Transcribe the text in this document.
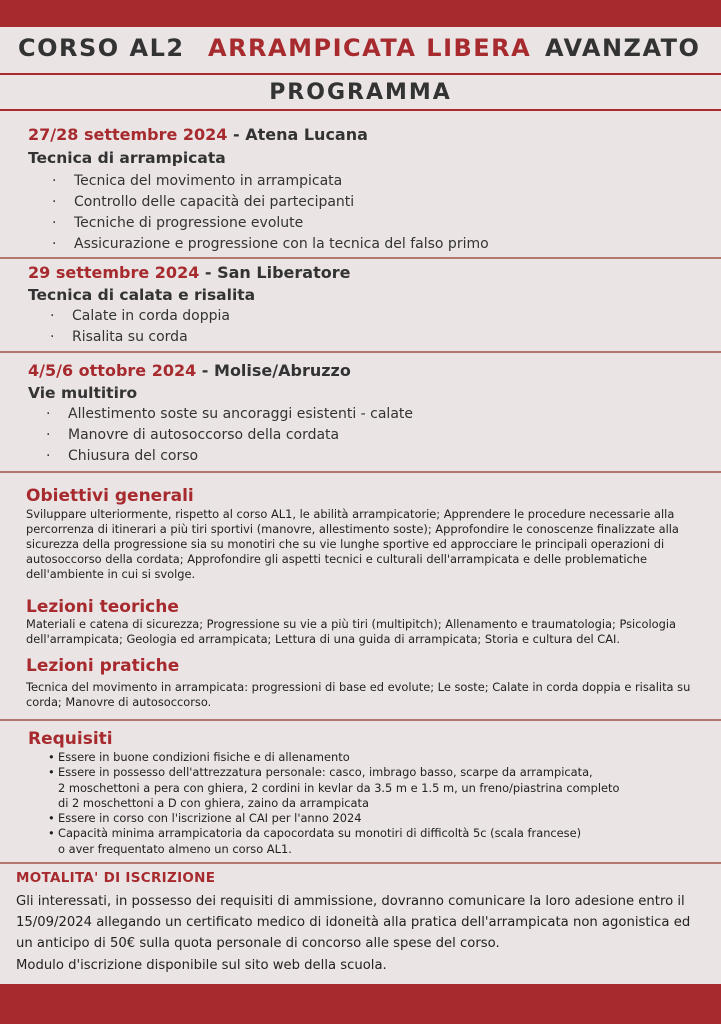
CORSO AL2 ARRAMPICATA LIBERA AVANZATO
PROGRAMMA
27/28 settembre 2024 - Atena Lucana
Tecnica di arrampicata
· Tecnica del movimento in arrampicata
· Controllo delle capacità dei partecipanti
· Tecniche di progressione evolute
· Assicurazione e progressione con la tecnica del falso primo
29 settembre 2024 - San Liberatore
Tecnica di calata e risalita
· Calate in corda doppia
· Risalita su corda
4/5/6 ottobre 2024 - Molise/Abruzzo
Vie multitiro
· Allestimento soste su ancoraggi esistenti - calate
· Manovre di autosoccorso della cordata
· Chiusura del corso
Obiettivi generali

Sviluppare ulteriormente, rispetto al corso AL1, le abilità arrampicatorie; Apprendere le procedure necessarie alla percorrenza di itinerari a più tiri sportivi (manovre, allestimento soste); Approfondire le conoscenze finalizzate alla sicurezza della progressione sia su monotiri che su vie lunghe sportive ed approcciare le principali operazioni di autosoccorso della cordata; Approfondire gli aspetti tecnici e culturali dell'arrampicata e delle problematiche dell'ambiente in cui si svolge.

Lezioni teoriche

Materiali e catena di sicurezza; Progressione su vie a più tiri (multipitch); Allenamento e traumatologia; Psicologia dell'arrampicata; Geologia ed arrampicata; Lettura di una guida di arrampicata; Storia e cultura del CAI.

Lezioni pratiche

Tecnica del movimento in arrampicata: progressioni di base ed evolute; Le soste; Calate in corda doppia e risalita su corda; Manovre di autosoccorso.

Requisiti
• Essere in buone condizioni fisiche e di allenamento
• Essere in possesso dell'attrezzatura personale: casco, imbrago basso, scarpe da arrampicata,
2 moschettoni a pera con ghiera, 2 cordini in kevlar da 3.5 m e 1.5 m, un freno/piastrina completo
di 2 moschettoni a D con ghiera, zaino da arrampicata
• Essere in corso con l'iscrizione al CAI per l'anno 2024
• Capacità minima arrampicatoria da capocordata su monotiri di difficoltà 5c (scala francese)
o aver frequentato almeno un corso AL1.
MOTALITA' DI ISCRIZIONE

Gli interessati, in possesso dei requisiti di ammissione, dovranno comunicare la loro adesione entro il 15/09/2024 allegando un certificato medico di idoneità alla pratica dell'arrampicata non agonistica ed un anticipo di 50€ sulla quota personale di concorso alle spese del corso.

Modulo d'iscrizione disponibile sul sito web della scuola.
